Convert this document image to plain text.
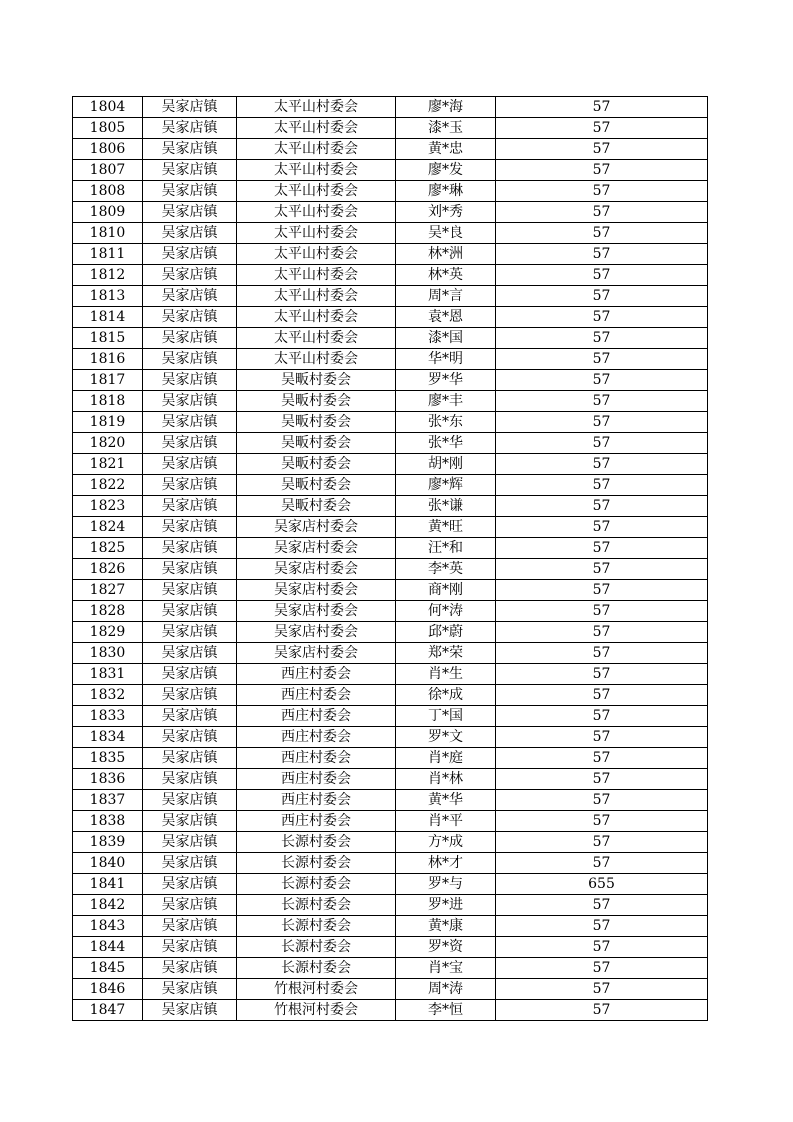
1804	吴家店镇	太平山村委会	廖*海	57
1805	吴家店镇	太平山村委会	漆*玉	57
1806	吴家店镇	太平山村委会	黄*忠	57
1807	吴家店镇	太平山村委会	廖*发	57
1808	吴家店镇	太平山村委会	廖*琳	57
1809	吴家店镇	太平山村委会	刘*秀	57
1810	吴家店镇	太平山村委会	吴*良	57
1811	吴家店镇	太平山村委会	林*洲	57
1812	吴家店镇	太平山村委会	林*英	57
1813	吴家店镇	太平山村委会	周*言	57
1814	吴家店镇	太平山村委会	袁*恩	57
1815	吴家店镇	太平山村委会	漆*国	57
1816	吴家店镇	太平山村委会	华*明	57
1817	吴家店镇	吴畈村委会	罗*华	57
1818	吴家店镇	吴畈村委会	廖*丰	57
1819	吴家店镇	吴畈村委会	张*东	57
1820	吴家店镇	吴畈村委会	张*华	57
1821	吴家店镇	吴畈村委会	胡*刚	57
1822	吴家店镇	吴畈村委会	廖*辉	57
1823	吴家店镇	吴畈村委会	张*谦	57
1824	吴家店镇	吴家店村委会	黄*旺	57
1825	吴家店镇	吴家店村委会	汪*和	57
1826	吴家店镇	吴家店村委会	李*英	57
1827	吴家店镇	吴家店村委会	商*刚	57
1828	吴家店镇	吴家店村委会	何*涛	57
1829	吴家店镇	吴家店村委会	邱*蔚	57
1830	吴家店镇	吴家店村委会	郑*荣	57
1831	吴家店镇	西庄村委会	肖*生	57
1832	吴家店镇	西庄村委会	徐*成	57
1833	吴家店镇	西庄村委会	丁*国	57
1834	吴家店镇	西庄村委会	罗*文	57
1835	吴家店镇	西庄村委会	肖*庭	57
1836	吴家店镇	西庄村委会	肖*林	57
1837	吴家店镇	西庄村委会	黄*华	57
1838	吴家店镇	西庄村委会	肖*平	57
1839	吴家店镇	长源村委会	方*成	57
1840	吴家店镇	长源村委会	林*才	57
1841	吴家店镇	长源村委会	罗*与	655
1842	吴家店镇	长源村委会	罗*进	57
1843	吴家店镇	长源村委会	黄*康	57
1844	吴家店镇	长源村委会	罗*资	57
1845	吴家店镇	长源村委会	肖*宝	57
1846	吴家店镇	竹根河村委会	周*涛	57
1847	吴家店镇	竹根河村委会	李*恒	57
